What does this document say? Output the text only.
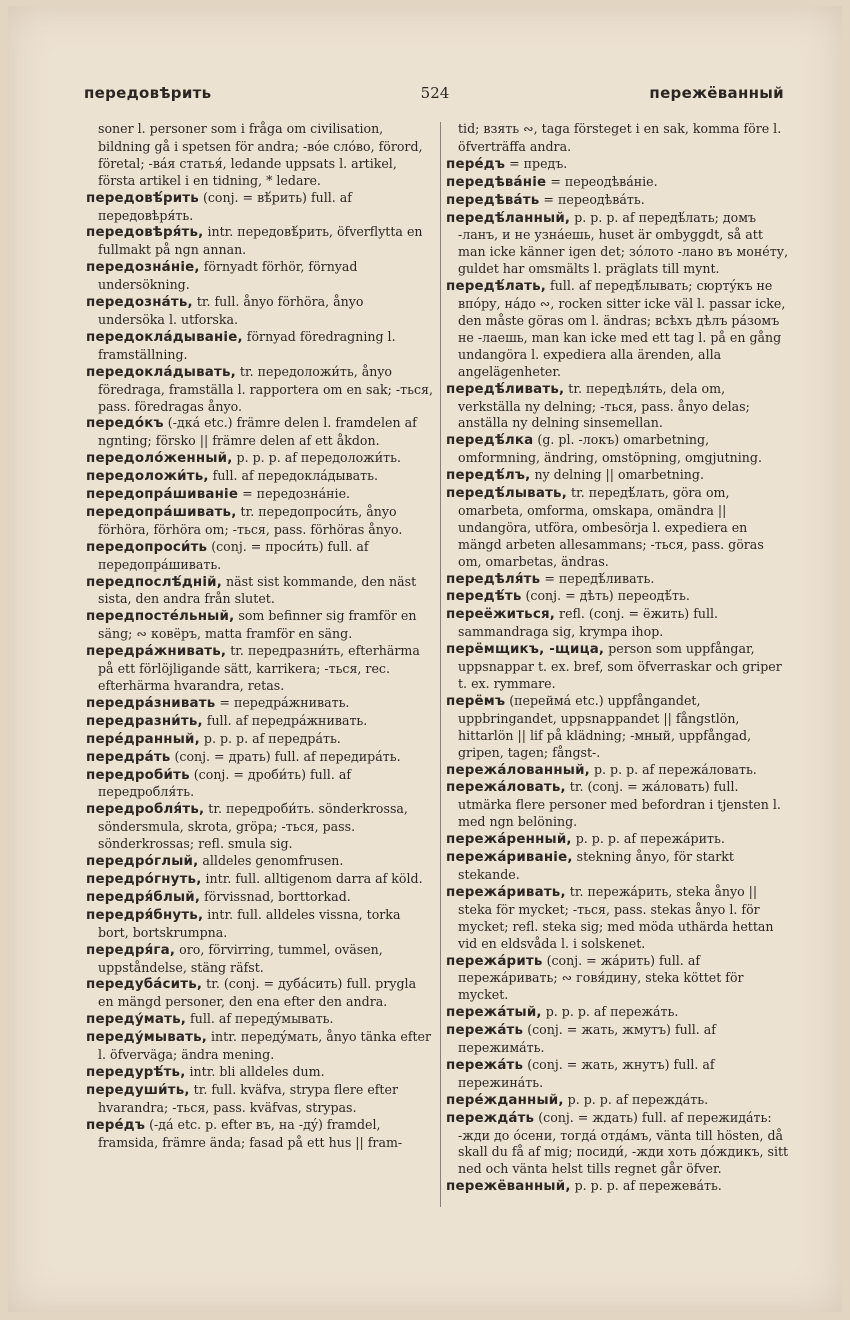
передовѣрить	524	пережёванный

soner l. personer som i fråga om civilisation, bildning gå i spetsen för andra; -вóе слóво, förord, företal; -вáя статья́, ledande uppsats l. artikel, första artikel i en tidning, * ledare.

передовѣ́рить (conj. = вѣ́рить) full. af передовѣря́ть.

передовѣря́ть, intr. передовѣ́рить, öfverflytta en fullmakt på ngn annan.

передознáніе, förnyadt förhör, förnyad undersökning.

передознáть, tr. full. ånyo förhöra, ånyo undersöka l. utforska.

передоклáдываніе, förnyad föredragning l. framställning.

передоклáдывать, tr. передоложи́ть, ånyo föredraga, framställa l. rapportera om en sak; -ться, pass. föredragas ånyo.

передóкъ (-дкá etc.) främre delen l. framdelen af ngnting; försko || främre delen af ett åkdon.

передолóженный, p. p. p. af передоложи́ть.

передоложи́ть, full. af передоклáдывать.

передопрáшиваніе = передознáніе.

передопрáшивать, tr. передопроси́ть, ånyo förhöra, förhöra om; -ться, pass. förhöras ånyo.

передопроси́ть (conj. = проси́ть) full. af передопрáшивать.

передпослѣ́дній, näst sist kommande, den näst sista, den andra från slutet.

передпостéльный, som befinner sig framför en säng; ∾ ковёръ, matta framför en säng.

передрáжнивать, tr. передразни́ть, efterhärma på ett förlöjligande sätt, karrikera; -ться, rec. efterhärma hvarandra, retas.

передрáзнивать = передрáжнивать.

передразни́ть, full. af передрáжнивать.

перéдранный, p. p. p. af передрáть.

передрáть (conj. = драть) full. af передирáть.

передроби́ть (conj. = дроби́ть) full. af передробля́ть.

передробля́ть, tr. передроби́ть. sönderkrossa, söndersmula, skrota, gröpa; -ться, pass. sönderkrossas; refl. smula sig.

передрóглый, alldeles genomfrusen.

передрóгнуть, intr. full. alltigenom darra af köld.

передря́блый, förvissnad, borttorkad.

передря́бнуть, intr. full. alldeles vissna, torka bort, bortskrumpna.

передря́га, oro, förvirring, tummel, oväsen, uppståndelse, stäng räfst.

передубáсить, tr. (conj. = дубáсить) full. prygla en mängd personer, den ena efter den andra.

передýмать, full. af передýмывать.

передýмывать, intr. передýмать, ånyo tänka efter l. öfverväga; ändra mening.

передурѣ́ть, intr. bli alldeles dum.

передуши́ть, tr. full. kväfva, strypa flere efter hvarandra; -ться, pass. kväfvas, strypas.

перéдъ (-дá etc. p. efter въ, на -дý) framdel, framsida, främre ända; fasad på ett hus || fram-

tid; взять ∾, taga försteget i en sak, komma före l. öfverträffa andra.

перéдъ = предъ.

передѣвáніе = переодѣвáніе.

передѣвáть = переодѣвáть.

передѣ́ланный, p. p. p. af передѣ́лать; домъ -ланъ, и не узнáешь, huset är ombyggdt, så att man icke känner igen det; зóлото -лано въ монéту, guldet har omsmälts l. präglats till mynt.

передѣ́лать, full. af передѣ́лывать; сюртýкъ не впóру, нáдо ∾, rocken sitter icke väl l. passar icke, den måste göras om l. ändras; всѣхъ дѣлъ рáзомъ не -лаешь, man kan icke med ett tag l. på en gång undangöra l. expediera alla ärenden, alla angelägenheter.

передѣ́ливать, tr. передѣля́ть, dela om, verkställa ny delning; -ться, pass. ånyo delas; anställa ny delning sinsemellan.

передѣ́лка (g. pl. -локъ) omarbetning, omformning, ändring, omstöpning, omgjutning.

передѣ́лъ, ny delning || omarbetning.

передѣ́лывать, tr. передѣ́лать, göra om, omarbeta, omforma, omskapa, omändra || undangöra, utföra, ombesörja l. expediera en mängd arbeten allesammans; -ться, pass. göras om, omarbetas, ändras.

передѣля́ть = передѣ́ливать.

передѣ́ть (conj. = дѣть) переодѣ́ть.

переёжиться, refl. (conj. = ёжить) full. sammandraga sig, krympa ihop.

перёмщикъ, -щица, person som uppfångar, uppsnappar t. ex. bref, som öfverraskar och griper t. ex. rymmare.

перёмъ (переймá etc.) uppfångandet, uppbringandet, uppsnappandet || fångstlön, hittarlön || lif på klädning; -мный, uppfångad, gripen, tagen; fångst-.

пережáлованный, p. p. p. af пережáловать.

пережáловать, tr. (conj. = жáловать) full. utmärka flere personer med befordran i tjensten l. med ngn belöning.

пережáренный, p. p. p. af пережáрить.

пережáриваніе, stekning ånyo, för starkt stekande.

пережáривать, tr. пережáрить, steka ånyo || steka för mycket; -ться, pass. stekas ånyo l. för mycket; refl. steka sig; med möda uthärda hettan vid en eldsvåda l. i solskenet.

пережáрить (conj. = жáрить) full. af пережáривать; ∾ говя́дину, steka köttet för mycket.

пережáтый, p. p. p. af пережáть.

пережáть (conj. = жать, жмутъ) full. af пережимáть.

пережáть (conj. = жать, жнутъ) full. af пережинáть.

перéжданный, p. p. p. af переждáть.

переждáть (conj. = ждать) full. af пережидáть: -жди до óсени, тогдá отдáмъ, vänta till hösten, då skall du få af mig; посиди́, -жди хоть дóждикъ, sitt ned och vänta helst tills regnet går öfver.

пережёванный, p. p. p. af пережевáть.
